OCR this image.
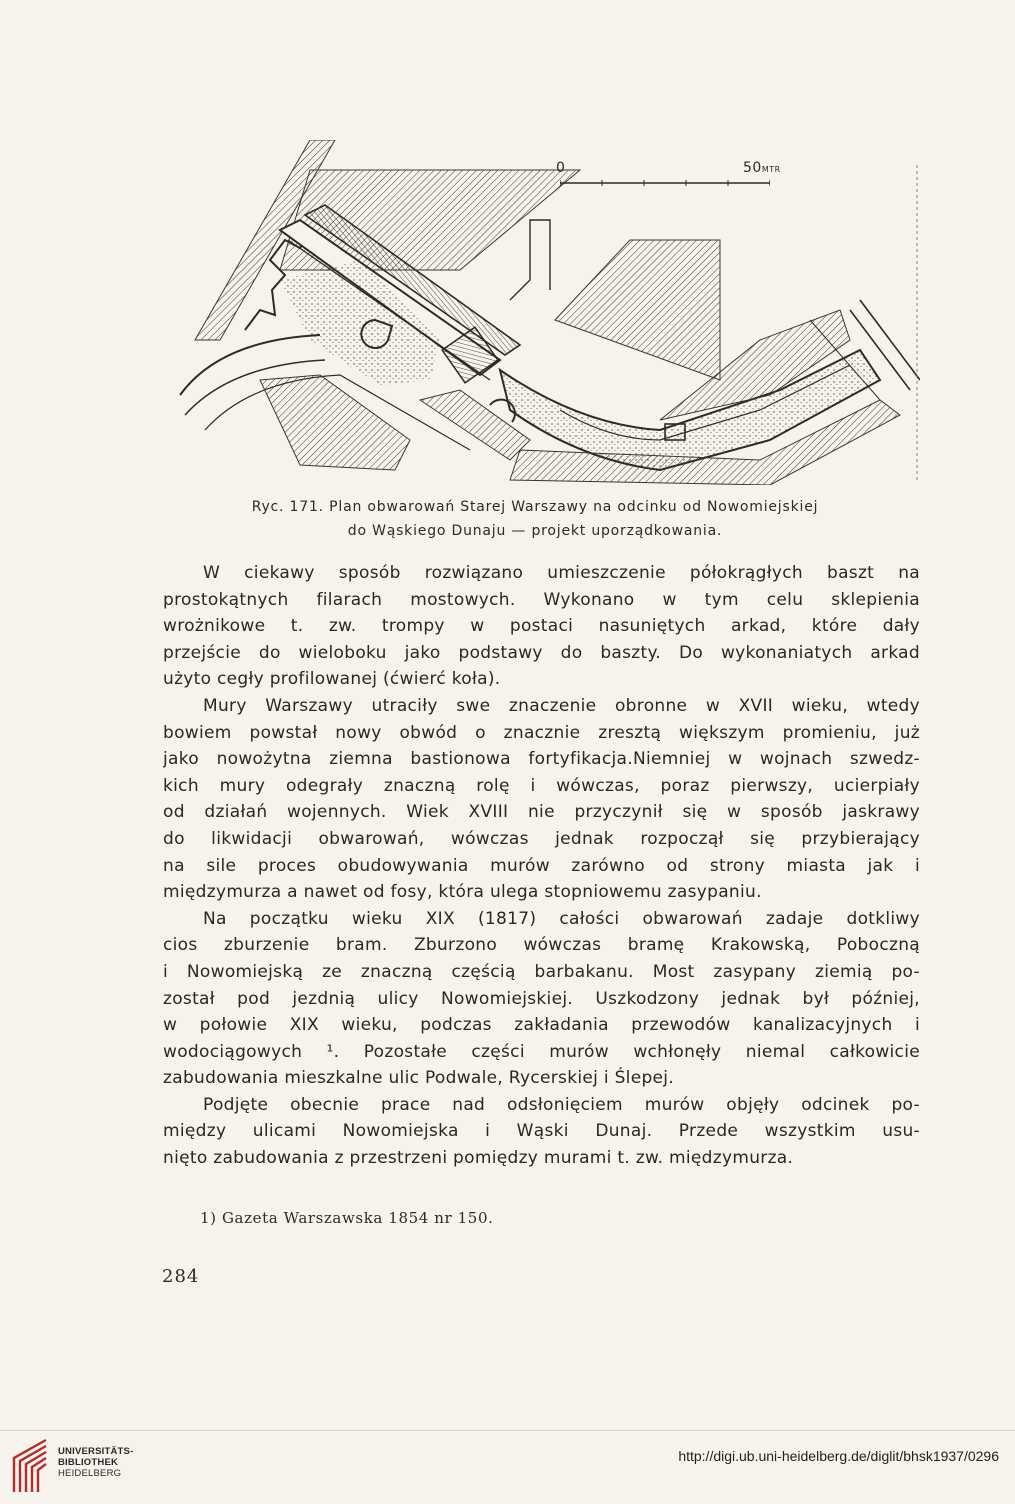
0	50MTR
Ryc. 171. Plan obwarowań Starej Warszawy na odcinku od Nowomiejskiej
do Wąskiego Dunaju — projekt uporządkowania.

W ciekawy sposób rozwiązano umieszczenie półokrągłych baszt na

prostokątnych filarach mostowych. Wykonano w tym celu sklepienia

wrożnikowe t. zw. trompy w postaci nasuniętych arkad, które dały

przejście do wieloboku jako podstawy do baszty. Do wykonaniatych arkad

użyto cegły profilowanej (ćwierć koła).

Mury Warszawy utraciły swe znaczenie obronne w XVII wieku, wtedy

bowiem powstał nowy obwód o znacznie zresztą większym promieniu, już

jako nowożytna ziemna bastionowa fortyfikacja.Niemniej w wojnach szwedz-

kich mury odegrały znaczną rolę i wówczas, poraz pierwszy, ucierpiały

od działań wojennych. Wiek XVIII nie przyczynił się w sposób jaskrawy

do likwidacji obwarowań, wówczas jednak rozpoczął się przybierający

na sile proces obudowywania murów zarówno od strony miasta jak i

międzymurza a nawet od fosy, która ulega stopniowemu zasypaniu.

Na początku wieku XIX (1817) całości obwarowań zadaje dotkliwy

cios zburzenie bram. Zburzono wówczas bramę Krakowską, Poboczną

i Nowomiejską ze znaczną częścią barbakanu. Most zasypany ziemią po-

został pod jezdnią ulicy Nowomiejskiej. Uszkodzony jednak był później,

w połowie XIX wieku, podczas zakładania przewodów kanalizacyjnych i

wodociągowych ¹. Pozostałe części murów wchłonęły niemal całkowicie

zabudowania mieszkalne ulic Podwale, Rycerskiej i Ślepej.

Podjęte obecnie prace nad odsłonięciem murów objęły odcinek po-

między ulicami Nowomiejska i Wąski Dunaj. Przede wszystkim usu-

nięto zabudowania z przestrzeni pomiędzy murami t. zw. międzymurza.

1) Gazeta Warszawska 1854 nr 150.
284
UNIVERSITÄTS-
BIBLIOTHEK
HEIDELBERG
http://digi.ub.uni-heidelberg.de/diglit/bhsk1937/0296
